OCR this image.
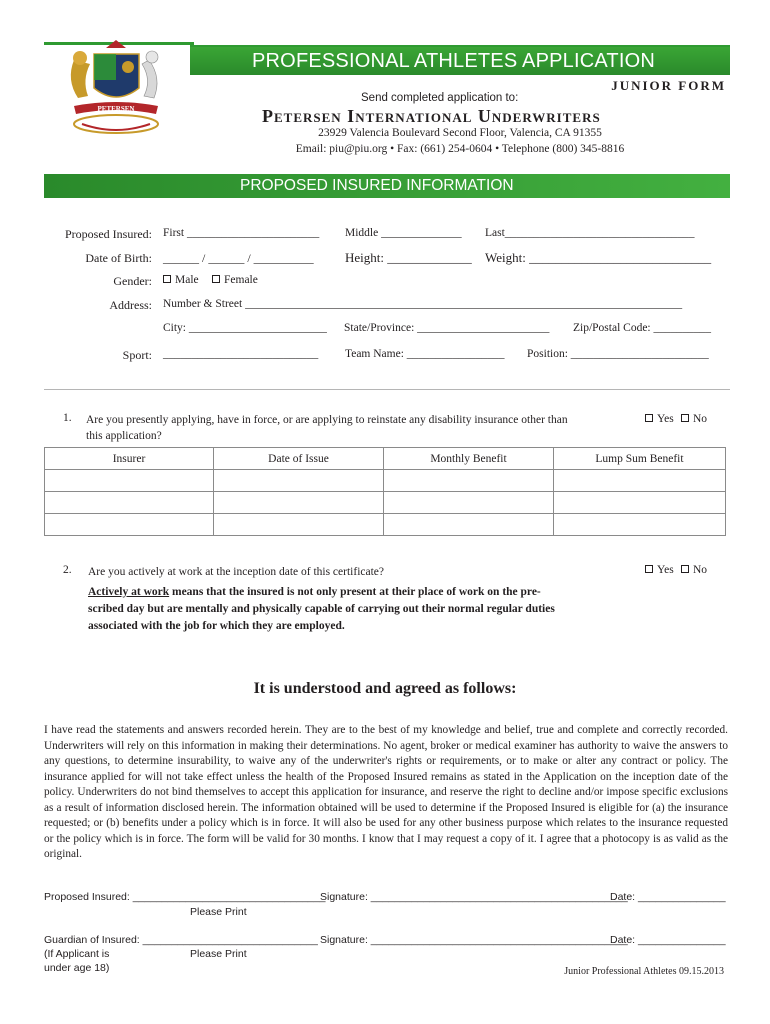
PETERSEN
PROFESSIONAL ATHLETES APPLICATION
JUNIOR FORM
Send completed application to:
Petersen International Underwriters
23929 Valencia Boulevard Second Floor, Valencia, CA 91355
Email: piu@piu.org • Fax: (661) 254-0604 • Telephone (800) 345-8816
PROPOSED INSURED INFORMATION
Proposed Insured: First _______________________ Middle ______________ Last_________________________________
Date of Birth: ______ / ______ / __________ Height: _____________ Weight: ____________________________
Gender:	Male	Female
Address: Number & Street ____________________________________________________________________________
City: ________________________ State/Province: _______________________ Zip/Postal Code: __________
Sport: ___________________________ Team Name: _________________ Position: ________________________
1. Are you presently applying, have in force, or are applying to reinstate any disability insurance other than
this application?
Yes	No
Insurer	Date of Issue	Monthly Benefit	Lump Sum Benefit

2. Are you actively at work at the inception date of this certificate?	Yes	No
Actively at work means that the insured is not only present at their place of work on the pre-
scribed day but are mentally and physically capable of carrying out their normal regular duties
associated with the job for which they are employed.
It is understood and agreed as follows:
I have read the statements and answers recorded herein. They are to the best of my knowledge and belief, true and complete and correctly recorded. Underwriters will rely on this information in making their determinations. No agent, broker or medical examiner has authority to waive the answers to any questions, to determine insurability, to waive any of the underwriter's rights or requirements, or to make or alter any contract or policy. The insurance applied for will not take effect unless the health of the Proposed Insured remains as stated in the Application on the inception date of the policy. Underwriters do not bind themselves to accept this application for insurance, and reserve the right to decline and/or impose specific exclusions as a result of information disclosed herein. The information obtained will be used to determine if the Proposed Insured is eligible for (a) the insurance requested; or (b) benefits under a policy which is in force. It will also be used for any other business purpose which relates to the insurance requested or the policy which is in force. The form will be valid for 30 months. I know that I may request a copy of it. I agree that a photocopy is as valid as the original.
Proposed Insured: _________________________________
Signature: ____________________________________________
Date: _______________
Please Print
Guardian of Insured: ______________________________ Signature: ____________________________________________
Date: _______________
(If Applicant is	Please Print
under age 18)	Junior Professional Athletes 09.15.2013
